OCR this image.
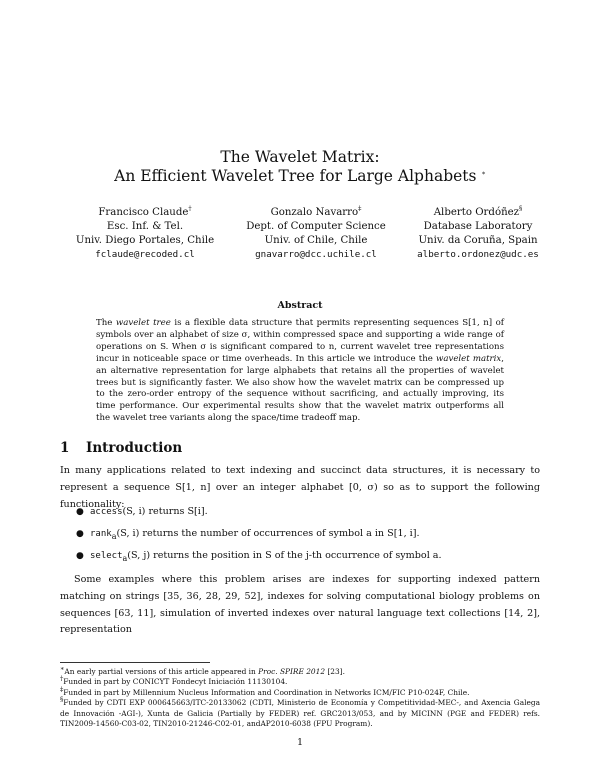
The Wavelet Matrix:
An Efficient Wavelet Tree for Large Alphabets ∗
Francisco Claude†
Esc. Inf. & Tel.
Univ. Diego Portales, Chile
fclaude@recoded.cl
Gonzalo Navarro‡
Dept. of Computer Science
Univ. of Chile, Chile
gnavarro@dcc.uchile.cl
Alberto Ordóñez§
Database Laboratory
Univ. da Coruña, Spain
alberto.ordonez@udc.es
Abstract

The wavelet tree is a flexible data structure that permits representing sequences S[1, n] of symbols over an alphabet of size σ, within compressed space and supporting a wide range of operations on S. When σ is significant compared to n, current wavelet tree representations incur in noticeable space or time overheads. In this article we introduce the wavelet matrix, an alternative representation for large alphabets that retains all the properties of wavelet trees but is significantly faster. We also show how the wavelet matrix can be compressed up to the zero-order entropy of the sequence without sacrificing, and actually improving, its time performance. Our experimental results show that the wavelet matrix outperforms all the wavelet tree variants along the space/time tradeoff map.

1 Introduction

In many applications related to text indexing and succinct data structures, it is necessary to represent a sequence S[1, n] over an integer alphabet [0, σ) so as to support the following functionality:

● access(S, i) returns S[i].
● rank$_a$(S, i) returns the number of occurrences of symbol a in S[1, i].
● select$_a$(S, j) returns the position in S of the j-th occurrence of symbol a.

Some examples where this problem arises are indexes for supporting indexed pattern matching on strings [35, 36, 28, 29, 52], indexes for solving computational biology problems on sequences [63, 11], simulation of inverted indexes over natural language text collections [14, 2], representation

∗An early partial versions of this article appeared in Proc. SPIRE 2012 [23].
†Funded in part by CONICYT Fondecyt Iniciación 11130104.
‡Funded in part by Millennium Nucleus Information and Coordination in Networks ICM/FIC P10-024F, Chile.
§Funded by CDTI EXP 000645663/ITC-20133062 (CDTI, Ministerio de Economía y Competitividad-MEC-, and Axencia Galega de Innovación -AGI-), Xunta de Galicia (Partially by FEDER) ref. GRC2013/053, and by MICINN (PGE and FEDER) refs. TIN2009-14560-C03-02, TIN2010-21246-C02-01, andAP2010-6038 (FPU Program).
1
